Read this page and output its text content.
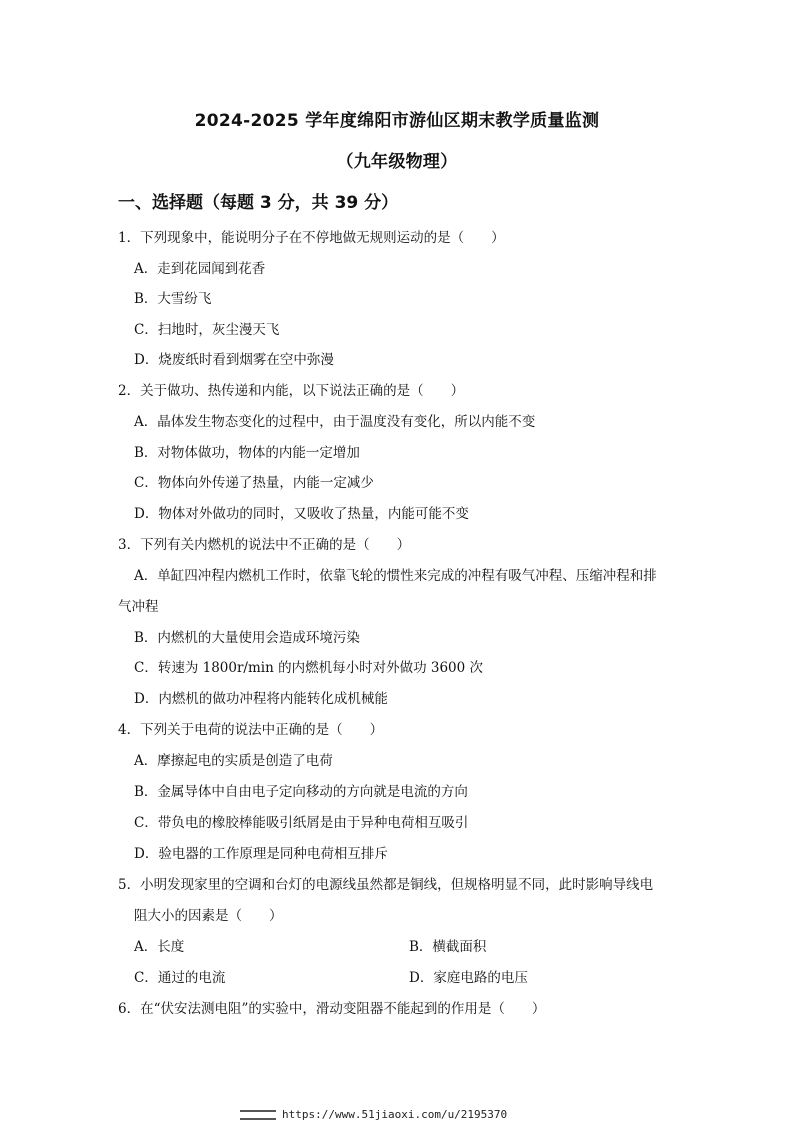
2024-2025 学年度绵阳市游仙区期末教学质量监测
（九年级物理）
一、选择题（每题 3 分，共 39 分）
1．下列现象中，能说明分子在不停地做无规则运动的是（　　）
A．走到花园闻到花香
B．大雪纷飞
C．扫地时，灰尘漫天飞
D．烧废纸时看到烟雾在空中弥漫
2．关于做功、热传递和内能，以下说法正确的是（　　）
A．晶体发生物态变化的过程中，由于温度没有变化，所以内能不变
B．对物体做功，物体的内能一定增加
C．物体向外传递了热量，内能一定减少
D．物体对外做功的同时，又吸收了热量，内能可能不变
3．下列有关内燃机的说法中不正确的是（　　）
A．单缸四冲程内燃机工作时，依靠飞轮的惯性来完成的冲程有吸气冲程、压缩冲程和排
气冲程
B．内燃机的大量使用会造成环境污染
C．转速为 1800r/min 的内燃机每小时对外做功 3600 次
D．内燃机的做功冲程将内能转化成机械能
4．下列关于电荷的说法中正确的是（　　）
A．摩擦起电的实质是创造了电荷
B．金属导体中自由电子定向移动的方向就是电流的方向
C．带负电的橡胶棒能吸引纸屑是由于异种电荷相互吸引
D．验电器的工作原理是同种电荷相互排斥
5．小明发现家里的空调和台灯的电源线虽然都是铜线，但规格明显不同，此时影响导线电
阻大小的因素是（　　）
A．长度	B．横截面积
C．通过的电流	D．家庭电路的电压
6．在“伏安法测电阻”的实验中，滑动变阻器不能起到的作用是（　　）
https://www.51jiaoxi.com/u/2195370
